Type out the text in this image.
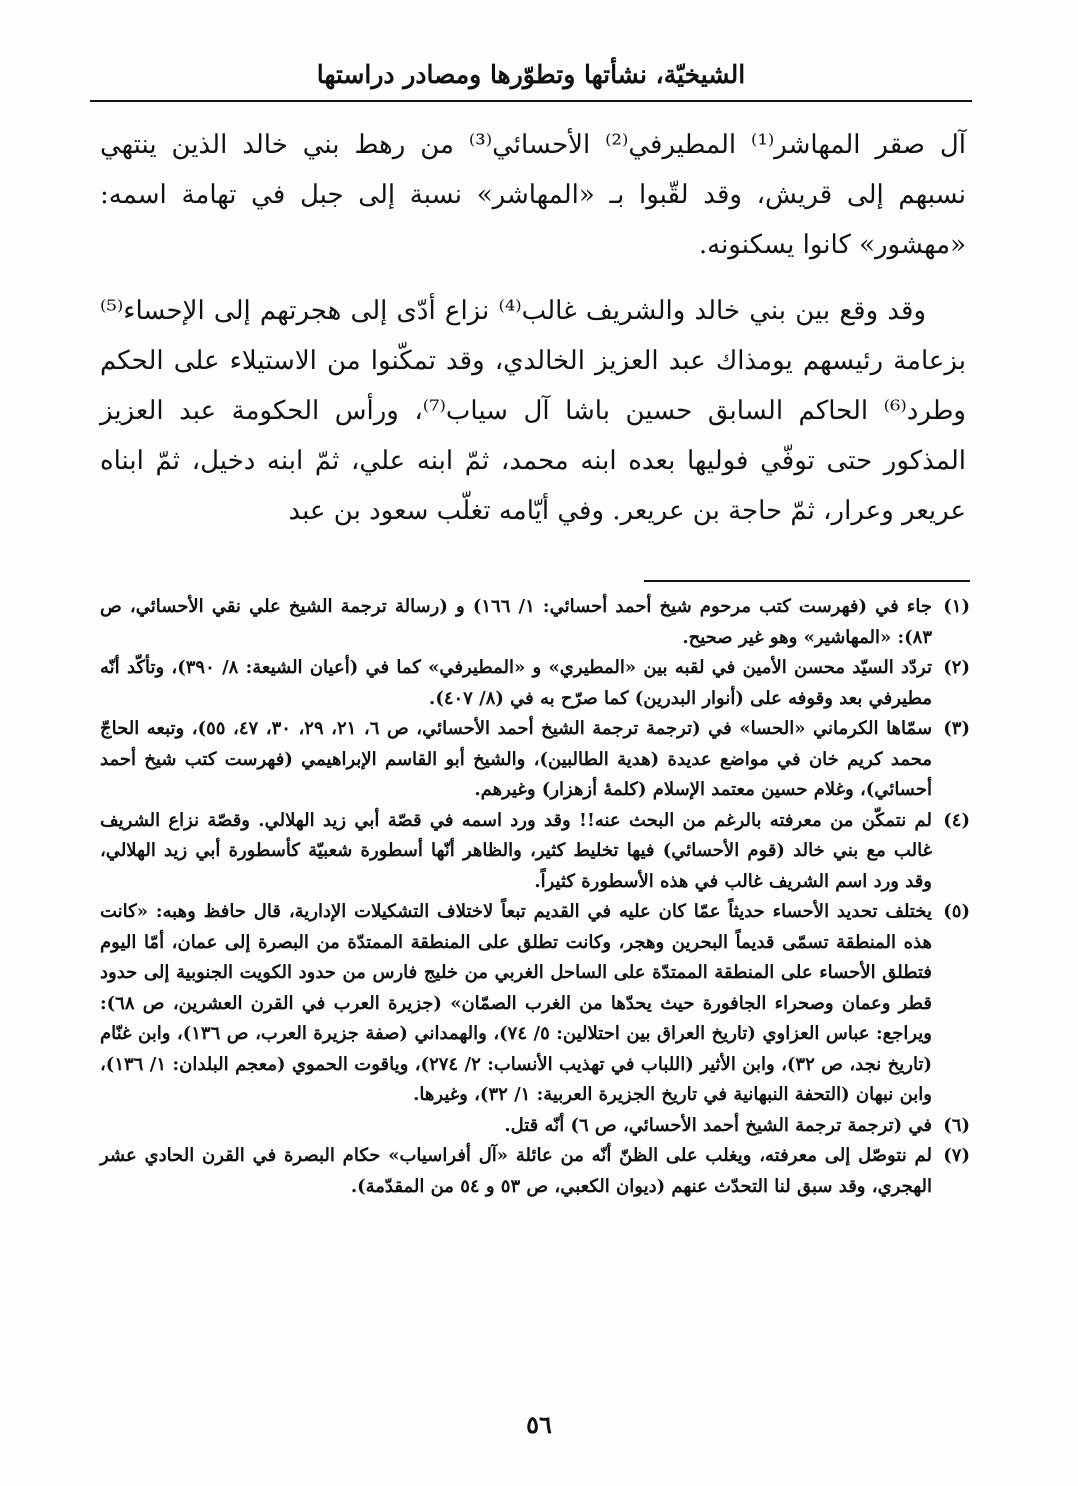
الشيخيّة، نشأتها وتطوّرها ومصادر دراستها

آل صقر المهاشر⁽¹⁾ المطيرفي⁽²⁾ الأحسائي⁽³⁾ من رهط بني خالد الذين ينتهي نسبهم إلى قريش، وقد لقّبوا بـ «المهاشر» نسبة إلى جبل في تهامة اسمه: «مهشور» كانوا يسكنونه.

وقد وقع بين بني خالد والشريف غالب⁽⁴⁾ نزاع أدّى إلى هجرتهم إلى الإحساء⁽⁵⁾ بزعامة رئيسهم يومذاك عبد العزيز الخالدي، وقد تمكّنوا من الاستيلاء على الحكم وطرد⁽⁶⁾ الحاكم السابق حسين باشا آل سياب⁽⁷⁾، ورأس الحكومة عبد العزيز المذكور حتى توفّي فوليها بعده ابنه محمد، ثمّ ابنه علي، ثمّ ابنه دخيل، ثمّ ابناه عريعر وعرار، ثمّ حاجة بن عريعر. وفي أيّامه تغلّب سعود بن عبد

(١)
جاء في (فهرست كتب مرحوم شيخ أحمد أحسائي: ١/ ١٦٦) و (رسالة ترجمة الشيخ علي نقي الأحسائي، ص ٨٣): «المهاشير» وهو غير صحيح.
(٢)
تردّد السيّد محسن الأمين في لقبه بين «المطيري» و «المطيرفي» كما في (أعيان الشيعة: ٨/ ٣٩٠)، وتأكّد أنّه مطيرفي بعد وقوفه على (أنوار البدرين) كما صرّح به في (٨/ ٤٠٧).
(٣)
سمّاها الكرماني «الحسا» في (ترجمة ترجمة الشيخ أحمد الأحسائي، ص ٦، ٢١، ٢٩، ٣٠، ٤٧، ٥٥)، وتبعه الحاجّ محمد كريم خان في مواضع عديدة (هدية الطالبين)، والشيخ أبو القاسم الإبراهيمي (فهرست كتب شيخ أحمد أحسائي)، وغلام حسين معتمد الإسلام (كلمهٔ أزهزار) وغيرهم.
(٤)
لم نتمكّن من معرفته بالرغم من البحث عنه!! وقد ورد اسمه في قصّة أبي زيد الهلالي. وقصّة نزاع الشريف غالب مع بني خالد (قوم الأحسائي) فيها تخليط كثير، والظاهر أنّها أسطورة شعبيّة كأسطورة أبي زيد الهلالي، وقد ورد اسم الشريف غالب في هذه الأسطورة كثيراً.
(٥)
يختلف تحديد الأحساء حديثاً عمّا كان عليه في القديم تبعاً لاختلاف التشكيلات الإدارية، قال حافظ وهبه: «كانت هذه المنطقة تسمّى قديماً البحرين وهجر، وكانت تطلق على المنطقة الممتدّة من البصرة إلى عمان، أمّا اليوم فتطلق الأحساء على المنطقة الممتدّة على الساحل الغربي من خليج فارس من حدود الكويت الجنوبية إلى حدود قطر وعمان وصحراء الجافورة حيث يحدّها من الغرب الصمّان» (جزيرة العرب في القرن العشرين، ص ٦٨): ويراجع: عباس العزاوي (تاريخ العراق بين احتلالين: ٥/ ٧٤)، والهمداني (صفة جزيرة العرب، ص ١٣٦)، وابن غنّام (تاريخ نجد، ص ٣٢)، وابن الأثير (اللباب في تهذيب الأنساب: ٢/ ٢٧٤)، وياقوت الحموي (معجم البلدان: ١/ ١٣٦)، وابن نبهان (التحفة النبهانية في تاريخ الجزيرة العربية: ١/ ٣٢)، وغيرها.
(٦)
في (ترجمة ترجمة الشيخ أحمد الأحسائي، ص ٦) أنّه قتل.
(٧)
لم نتوصّل إلى معرفته، ويغلب على الظنّ أنّه من عائلة «آل أفراسياب» حكام البصرة في القرن الحادي عشر الهجري، وقد سبق لنا التحدّث عنهم (ديوان الكعبي، ص ٥٣ و ٥٤ من المقدّمة).
٥٦
